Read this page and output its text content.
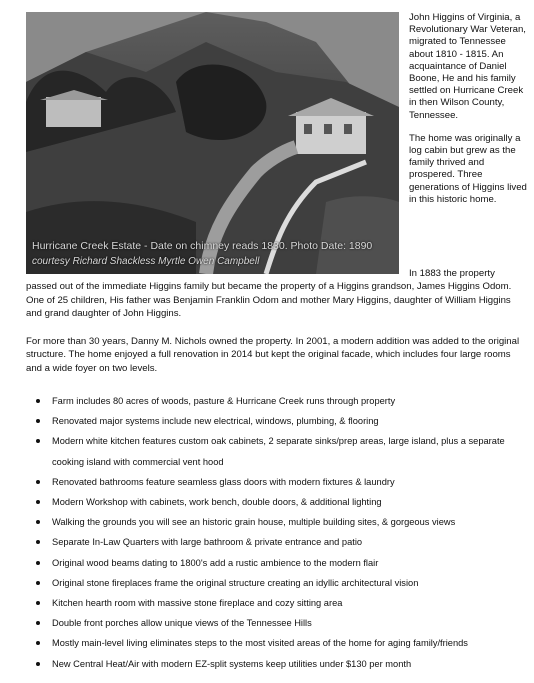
Hurricane Creek Estate - Date on chimney reads 1830. Photo Date: 1890
courtesy Richard Shackless Myrtle Owen Campbell

John Higgins of Virginia, a Revolutionary War Veteran, migrated to Tennessee about 1810 - 1815. An acquaintance of Daniel Boone, He and his family settled on Hurricane Creek in then Wilson County, Tennessee.

The home was originally a log cabin but grew as the family thrived and prospered. Three generations of Higgins lived in this historic home.

In 1883 the property

passed out of the immediate Higgins family but became the property of a Higgins grandson, James Higgins Odom. One of 25 children, His father was Benjamin Franklin Odom and mother Mary Higgins, daughter of William Higgins and grand daughter of John Higgins.

For more than 30 years, Danny M. Nichols owned the property. In 2001, a modern addition was added to the original structure. The home enjoyed a full renovation in 2014 but kept the original facade, which includes four large rooms and a wide foyer on two levels.

Farm includes 80 acres of woods, pasture & Hurricane Creek runs through property
Renovated major systems include new electrical, windows, plumbing, & flooring
Modern white kitchen features custom oak cabinets, 2 separate sinks/prep areas, large island, plus a separate cooking island with commercial vent hood
Renovated bathrooms feature seamless glass doors with modern fixtures & laundry
Modern Workshop with cabinets, work bench, double doors, & additional lighting
Walking the grounds you will see an historic grain house, multiple building sites, & gorgeous views
Separate In-Law Quarters with large bathroom & private entrance and patio
Original wood beams dating to 1800's add a rustic ambience to the modern flair
Original stone fireplaces frame the original structure creating an idyllic architectural vision
Kitchen hearth room with massive stone fireplace and cozy sitting area
Double front porches allow unique views of the Tennessee Hills
Mostly main-level living eliminates steps to the most visited areas of the home for aging family/friends
New Central Heat/Air with modern EZ-split systems keep utilities under $130 per month
